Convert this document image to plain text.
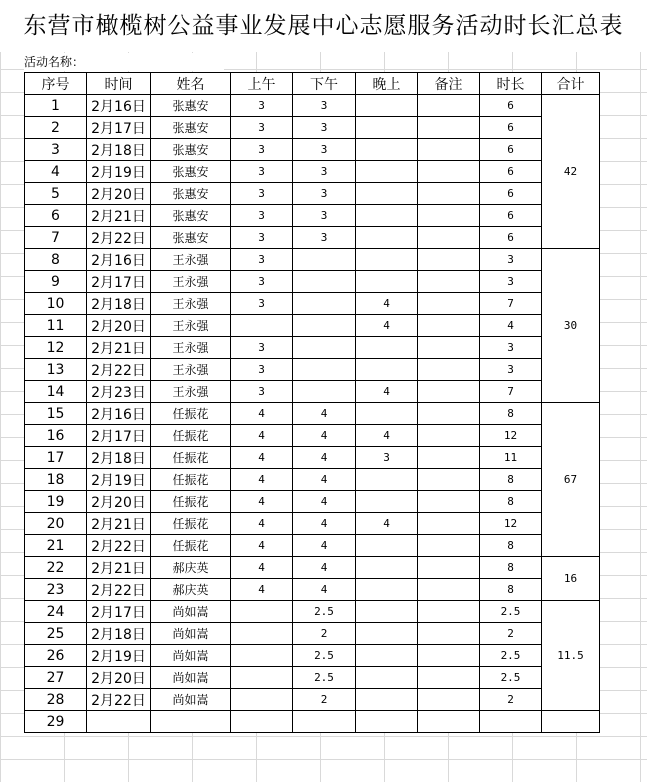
东营市橄榄树公益事业发展中心志愿服务活动时长汇总表
活动名称：
序号	时间	姓名	上午	下午	晚上	备注	时长	合计
1	2月16日	张惠安	3	3			6	42
2	2月17日	张惠安	3	3			6	
3	2月18日	张惠安	3	3			6	
4	2月19日	张惠安	3	3			6	
5	2月20日	张惠安	3	3			6	
6	2月21日	张惠安	3	3			6	
7	2月22日	张惠安	3	3			6	
8	2月16日	王永强	3				3	30
9	2月17日	王永强	3				3	
10	2月18日	王永强	3		4		7	
11	2月20日	王永强			4		4	
12	2月21日	王永强	3				3	
13	2月22日	王永强	3				3	
14	2月23日	王永强	3		4		7	
15	2月16日	任振花	4	4			8	67
16	2月17日	任振花	4	4	4		12	
17	2月18日	任振花	4	4	3		11	
18	2月19日	任振花	4	4			8	
19	2月20日	任振花	4	4			8	
20	2月21日	任振花	4	4	4		12	
21	2月22日	任振花	4	4			8	
22	2月21日	郝庆英	4	4			8	16
23	2月22日	郝庆英	4	4			8	
24	2月17日	尚如嵩		2.5			2.5	11.5
25	2月18日	尚如嵩		2			2	
26	2月19日	尚如嵩		2.5			2.5	
27	2月20日	尚如嵩		2.5			2.5	
28	2月22日	尚如嵩		2			2	
29								
